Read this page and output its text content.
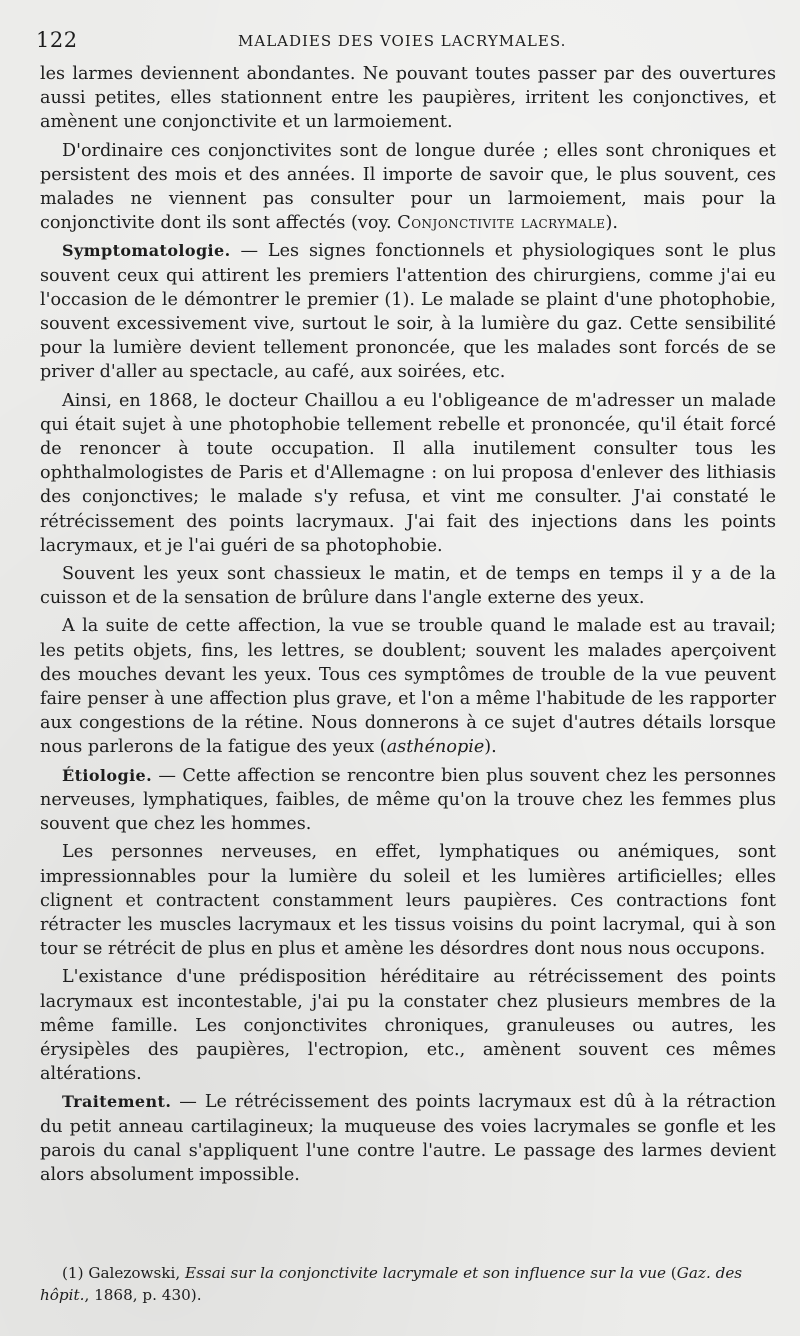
122	MALADIES DES VOIES LACRYMALES.

les larmes deviennent abondantes. Ne pouvant toutes passer par des ouvertures aussi petites, elles stationnent entre les paupières, irritent les conjonctives, et amènent une conjonctivite et un larmoiement.

D'ordinaire ces conjonctivites sont de longue durée ; elles sont chroniques et persistent des mois et des années. Il importe de savoir que, le plus souvent, ces malades ne viennent pas consulter pour un larmoiement, mais pour la conjonctivite dont ils sont affectés (voy. Conjonctivite lacrymale).

Symptomatologie. — Les signes fonctionnels et physiologiques sont le plus souvent ceux qui attirent les premiers l'attention des chirurgiens, comme j'ai eu l'occasion de le démontrer le premier (1). Le malade se plaint d'une photophobie, souvent excessivement vive, surtout le soir, à la lumière du gaz. Cette sensibilité pour la lumière devient tellement prononcée, que les malades sont forcés de se priver d'aller au spectacle, au café, aux soirées, etc.

Ainsi, en 1868, le docteur Chaillou a eu l'obligeance de m'adresser un malade qui était sujet à une photophobie tellement rebelle et prononcée, qu'il était forcé de renoncer à toute occupation. Il alla inutilement consulter tous les ophthalmologistes de Paris et d'Allemagne : on lui proposa d'enlever des lithiasis des conjonctives; le malade s'y refusa, et vint me consulter. J'ai constaté le rétrécissement des points lacrymaux. J'ai fait des injections dans les points lacrymaux, et je l'ai guéri de sa photophobie.

Souvent les yeux sont chassieux le matin, et de temps en temps il y a de la cuisson et de la sensation de brûlure dans l'angle externe des yeux.

A la suite de cette affection, la vue se trouble quand le malade est au travail; les petits objets, fins, les lettres, se doublent; souvent les malades aperçoivent des mouches devant les yeux. Tous ces symptômes de trouble de la vue peuvent faire penser à une affection plus grave, et l'on a même l'habitude de les rapporter aux congestions de la rétine. Nous donnerons à ce sujet d'autres détails lorsque nous parlerons de la fatigue des yeux (asthénopie).

Étiologie. — Cette affection se rencontre bien plus souvent chez les personnes nerveuses, lymphatiques, faibles, de même qu'on la trouve chez les femmes plus souvent que chez les hommes.

Les personnes nerveuses, en effet, lymphatiques ou anémiques, sont impressionnables pour la lumière du soleil et les lumières artificielles; elles clignent et contractent constamment leurs paupières. Ces contractions font rétracter les muscles lacrymaux et les tissus voisins du point lacrymal, qui à son tour se rétrécit de plus en plus et amène les désordres dont nous nous occupons.

L'existance d'une prédisposition héréditaire au rétrécissement des points lacrymaux est incontestable, j'ai pu la constater chez plusieurs membres de la même famille. Les conjonctivites chroniques, granuleuses ou autres, les érysipèles des paupières, l'ectropion, etc., amènent souvent ces mêmes altérations.

Traitement. — Le rétrécissement des points lacrymaux est dû à la rétraction du petit anneau cartilagineux; la muqueuse des voies lacrymales se gonfle et les parois du canal s'appliquent l'une contre l'autre. Le passage des larmes devient alors absolument impossible.

(1) Galezowski, Essai sur la conjonctivite lacrymale et son influence sur la vue (Gaz. des hôpit., 1868, p. 430).
